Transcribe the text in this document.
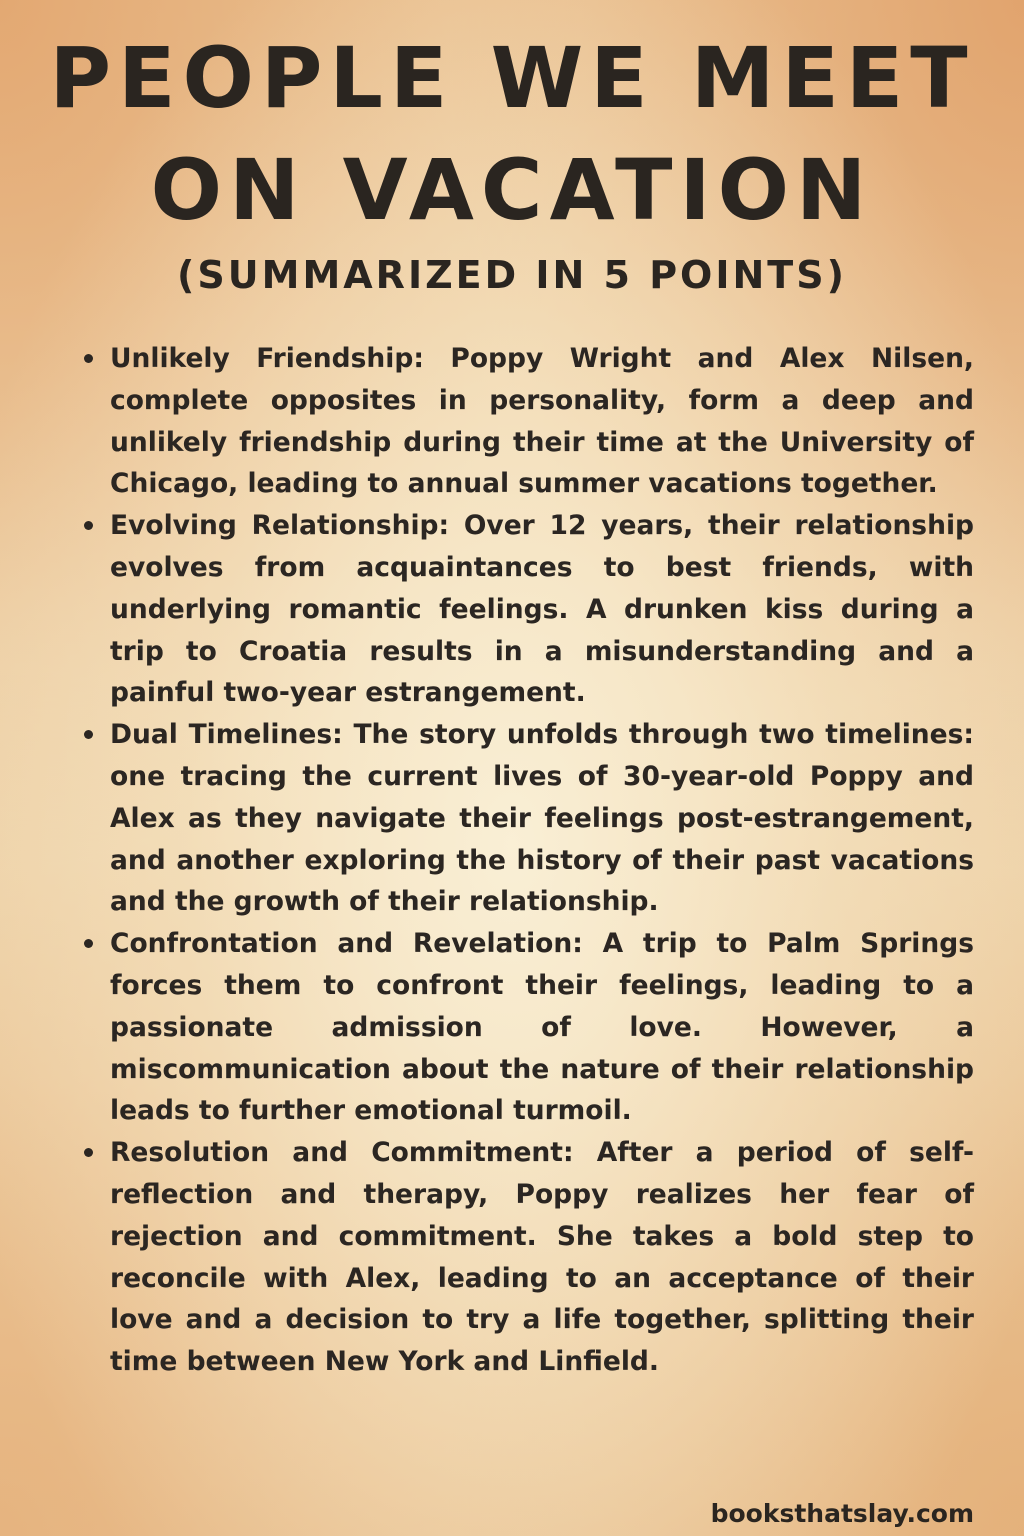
PEOPLE WE MEET
ON VACATION
(SUMMARIZED IN 5 POINTS)
Unlikely Friendship: Poppy Wright and Alex Nilsen, complete opposites in personality, form a deep and unlikely friendship during their time at the University of Chicago, leading to annual summer vacations together.
Evolving Relationship: Over 12 years, their relationship evolves from acquaintances to best friends, with underlying romantic feelings. A drunken kiss during a trip to Croatia results in a misunderstanding and a painful two-year estrangement.
Dual Timelines: The story unfolds through two timelines: one tracing the current lives of 30-year-old Poppy and Alex as they navigate their feelings post-estrangement, and another exploring the history of their past vacations and the growth of their relationship.
Confrontation and Revelation: A trip to Palm Springs forces them to confront their feelings, leading to a passionate admission of love. However, a miscommunication about the nature of their relationship leads to further emotional turmoil.
Resolution and Commitment: After a period of self-reflection and therapy, Poppy realizes her fear of rejection and commitment. She takes a bold step to reconcile with Alex, leading to an acceptance of their love and a decision to try a life together, splitting their time between New York and Linfield.
booksthatslay.com
